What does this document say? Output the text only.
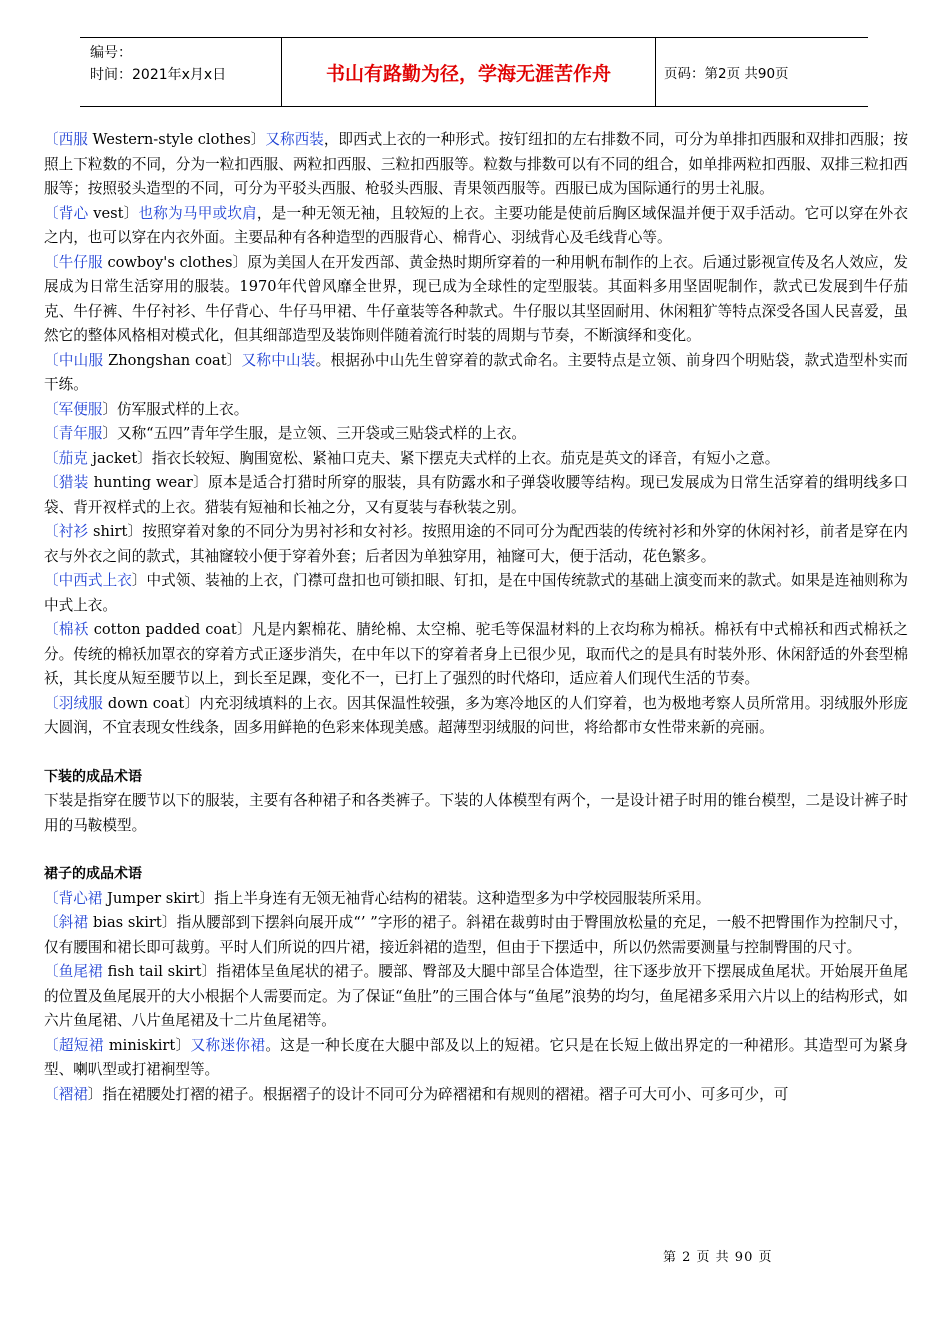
编号：
时间：2021年x月x日	书山有路勤为径，学海无涯苦作舟	页码：第2页 共90页

〔西服 Western-style clothes〕又称西装，即西式上衣的一种形式。按钉纽扣的左右排数不同，可分为单排扣西服和双排扣西服；按照上下粒数的不同，分为一粒扣西服、两粒扣西服、三粒扣西服等。粒数与排数可以有不同的组合，如单排两粒扣西服、双排三粒扣西服等；按照驳头造型的不同，可分为平驳头西服、枪驳头西服、青果领西服等。西服已成为国际通行的男士礼服。

〔背心 vest〕也称为马甲或坎肩，是一种无领无袖，且较短的上衣。主要功能是使前后胸区域保温并便于双手活动。它可以穿在外衣之内，也可以穿在内衣外面。主要品种有各种造型的西服背心、棉背心、羽绒背心及毛线背心等。

〔牛仔服 cowboy's clothes〕原为美国人在开发西部、黄金热时期所穿着的一种用帆布制作的上衣。后通过影视宣传及名人效应，发展成为日常生活穿用的服装。1970年代曾风靡全世界，现已成为全球性的定型服装。其面料多用坚固呢制作，款式已发展到牛仔茄克、牛仔裤、牛仔衬衫、牛仔背心、牛仔马甲裙、牛仔童装等各种款式。牛仔服以其坚固耐用、休闲粗犷等特点深受各国人民喜爱，虽然它的整体风格相对模式化，但其细部造型及装饰则伴随着流行时装的周期与节奏，不断演绎和变化。

〔中山服 Zhongshan coat〕又称中山装。根据孙中山先生曾穿着的款式命名。主要特点是立领、前身四个明贴袋，款式造型朴实而干练。

〔军便服〕仿军服式样的上衣。

〔青年服〕又称“五四”青年学生服，是立领、三开袋或三贴袋式样的上衣。

〔茄克 jacket〕指衣长较短、胸围宽松、紧袖口克夫、紧下摆克夫式样的上衣。茄克是英文的译音，有短小之意。

〔猎装 hunting wear〕原本是适合打猎时所穿的服装，具有防露水和子弹袋收腰等结构。现已发展成为日常生活穿着的缉明线多口袋、背开衩样式的上衣。猎装有短袖和长袖之分，又有夏装与春秋装之别。

〔衬衫 shirt〕按照穿着对象的不同分为男衬衫和女衬衫。按照用途的不同可分为配西装的传统衬衫和外穿的休闲衬衫，前者是穿在内衣与外衣之间的款式，其袖窿较小便于穿着外套；后者因为单独穿用，袖窿可大，便于活动，花色繁多。

〔中西式上衣〕中式领、装袖的上衣，门襟可盘扣也可锁扣眼、钉扣，是在中国传统款式的基础上演变而来的款式。如果是连袖则称为中式上衣。

〔棉袄 cotton padded coat〕凡是内絮棉花、腈纶棉、太空棉、驼毛等保温材料的上衣均称为棉袄。棉袄有中式棉袄和西式棉袄之分。传统的棉袄加罩衣的穿着方式正逐步消失，在中年以下的穿着者身上已很少见，取而代之的是具有时装外形、休闲舒适的外套型棉袄，其长度从短至腰节以上，到长至足踝，变化不一，已打上了强烈的时代烙印，适应着人们现代生活的节奏。

〔羽绒服 down coat〕内充羽绒填料的上衣。因其保温性较强，多为寒冷地区的人们穿着，也为极地考察人员所常用。羽绒服外形庞大圆润，不宜表现女性线条，固多用鲜艳的色彩来体现美感。超薄型羽绒服的问世，将给都市女性带来新的亮丽。

下装的成品术语

下装是指穿在腰节以下的服装，主要有各种裙子和各类裤子。下装的人体模型有两个，一是设计裙子时用的锥台模型，二是设计裤子时用的马鞍模型。

裙子的成品术语

〔背心裙 Jumper skirt〕指上半身连有无领无袖背心结构的裙装。这种造型多为中学校园服装所采用。

〔斜裙 bias skirt〕指从腰部到下摆斜向展开成“’ ”字形的裙子。斜裙在裁剪时由于臀围放松量的充足，一般不把臀围作为控制尺寸，仅有腰围和裙长即可裁剪。平时人们所说的四片裙，接近斜裙的造型，但由于下摆适中，所以仍然需要测量与控制臀围的尺寸。

〔鱼尾裙 fish tail skirt〕指裙体呈鱼尾状的裙子。腰部、臀部及大腿中部呈合体造型，往下逐步放开下摆展成鱼尾状。开始展开鱼尾的位置及鱼尾展开的大小根据个人需要而定。为了保证“鱼肚”的三围合体与“鱼尾”浪势的均匀，鱼尾裙多采用六片以上的结构形式，如六片鱼尾裙、八片鱼尾裙及十二片鱼尾裙等。

〔超短裙 miniskirt〕又称迷你裙。这是一种长度在大腿中部及以上的短裙。它只是在长短上做出界定的一种裙形。其造型可为紧身型、喇叭型或打裙裥型等。

〔褶裙〕指在裙腰处打褶的裙子。根据褶子的设计不同可分为碎褶裙和有规则的褶裙。褶子可大可小、可多可少，可

第 2 页 共 90 页
